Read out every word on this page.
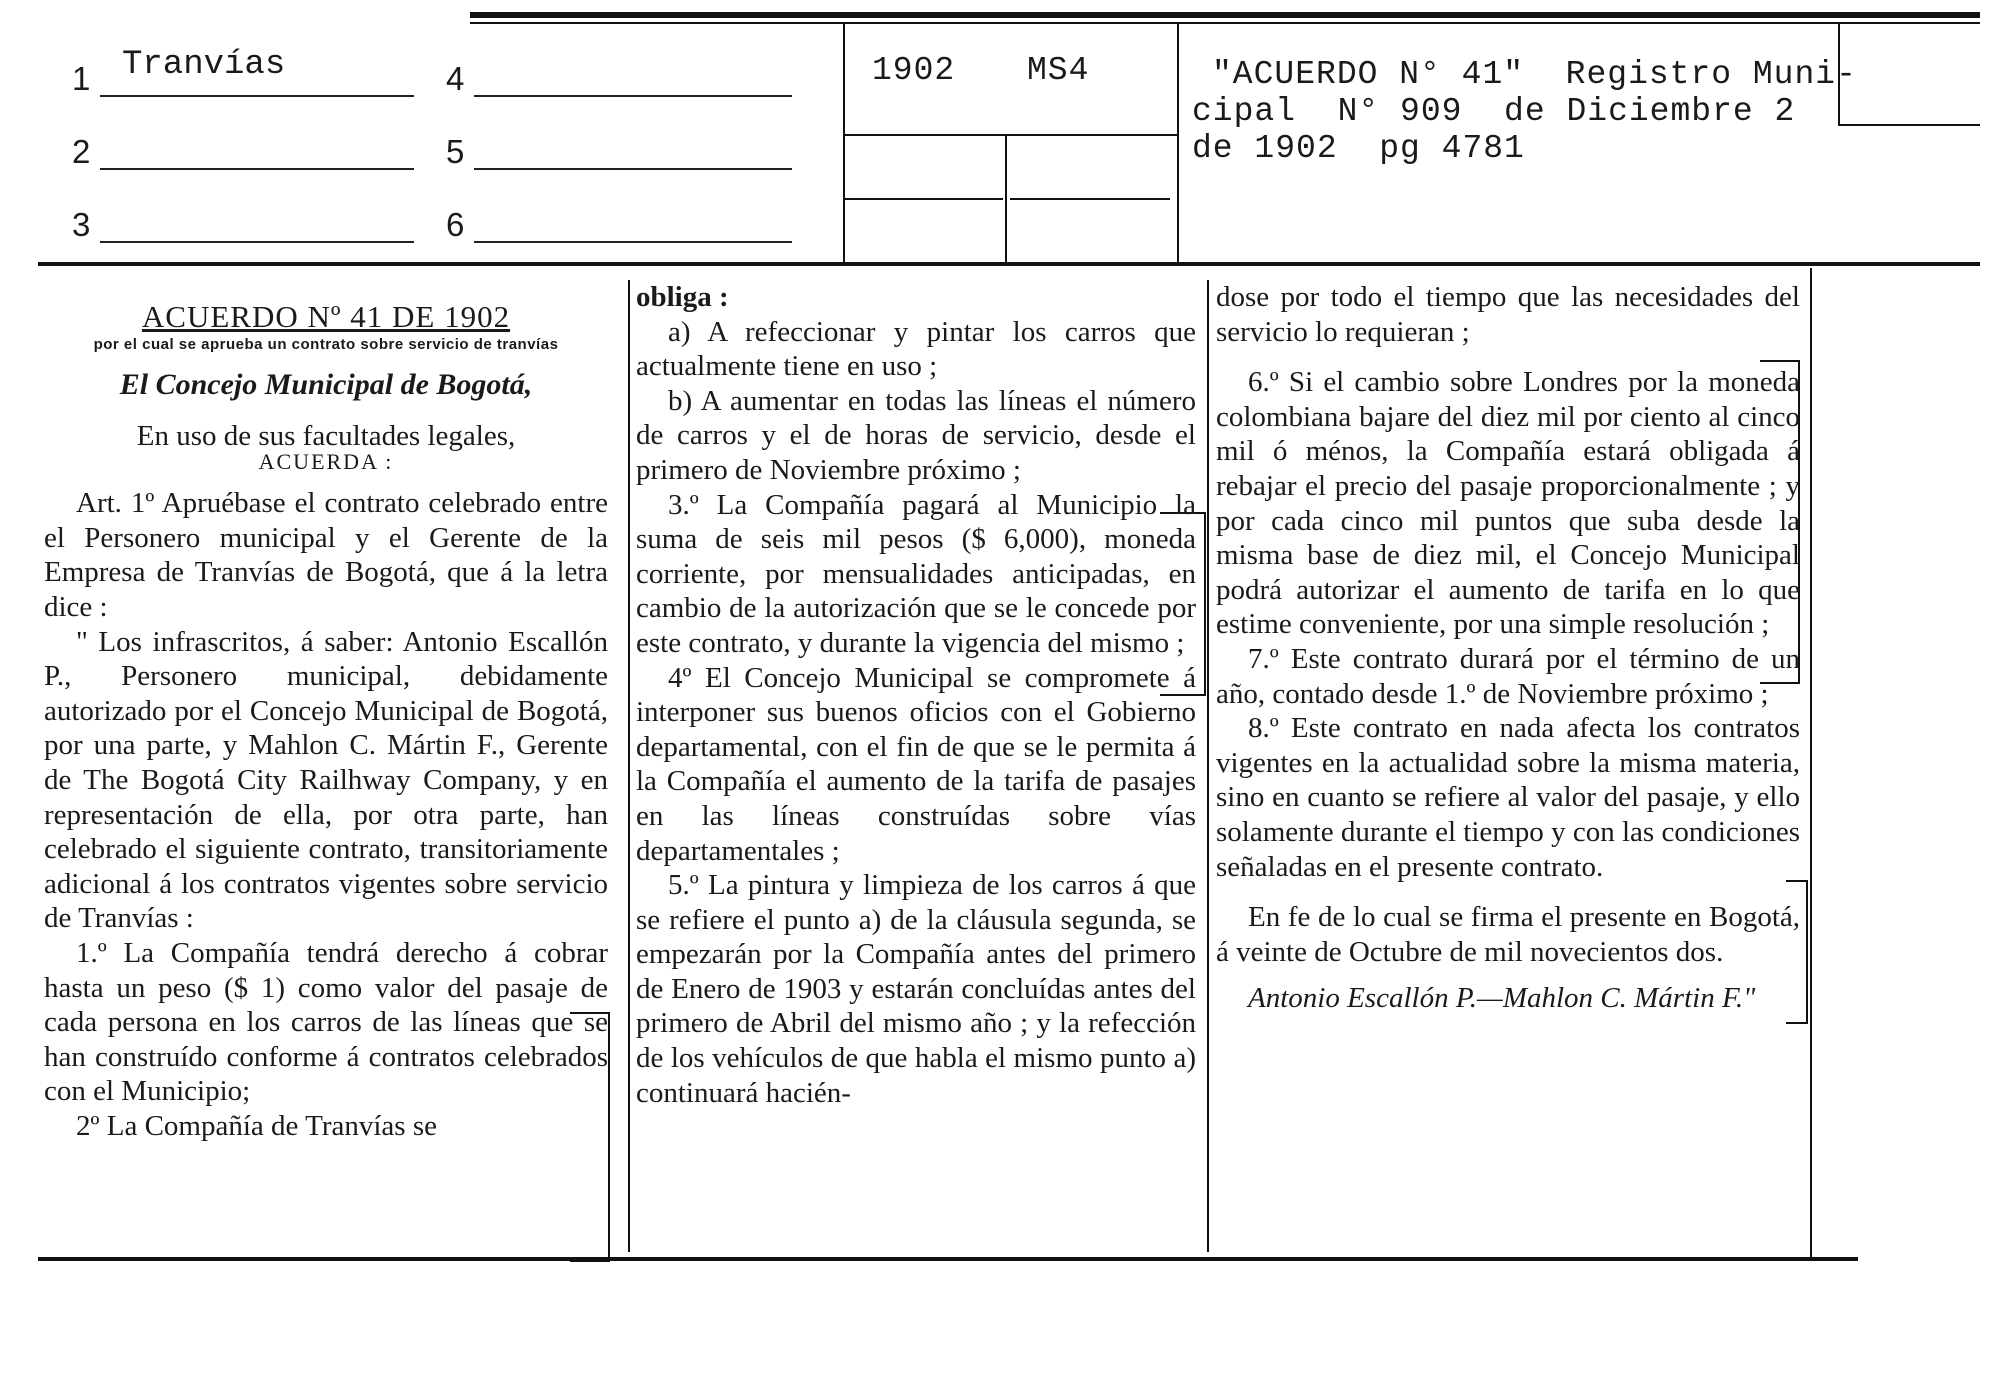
1 Tranvías
2
3
4
5
6
1902 MS4	"ACUERDO N° 41"  Registro Muni-
cipal  N° 909  de Diciembre 2
de 1902  pg 4781

ACUERDO Nº 41 DE 1902

por el cual se aprueba un contrato sobre servicio de tranvías

El Concejo Municipal de Bogotá,

En uso de sus facultades legales,

ACUERDA :

Art. 1º Apruébase el contrato celebrado entre el Personero municipal y el Gerente de la Empresa de Tranvías de Bogotá, que á la letra dice :

" Los infrascritos, á saber: Antonio Escallón P., Personero municipal, debidamente autorizado por el Concejo Municipal de Bogotá, por una parte, y Mahlon C. Mártin F., Gerente de The Bogotá City Railhway Company, y en representación de ella, por otra parte, han celebrado el siguiente contrato, transitoriamente adicional á los contratos vigentes sobre servicio de Tranvías :

1.º La Compañía tendrá derecho á cobrar hasta un peso ($ 1) como valor del pasaje de cada persona en los carros de las líneas que se han construído conforme á contratos celebrados con el Municipio;

2º La Compañía de Tranvías se

obliga :

a) A refeccionar y pintar los carros que actualmente tiene en uso ;

b) A aumentar en todas las líneas el número de carros y el de horas de servicio, desde el primero de Noviembre próximo ;

3.º La Compañía pagará al Municipio la suma de seis mil pesos ($ 6,000), moneda corriente, por mensualidades anticipadas, en cambio de la autorización que se le concede por este contrato, y durante la vigencia del mismo ;

4º El Concejo Municipal se compromete á interponer sus buenos oficios con el Gobierno departamental, con el fin de que se le permita á la Compañía el aumento de la tarifa de pasajes en las líneas construídas sobre vías departamentales ;

5.º La pintura y limpieza de los carros á que se refiere el punto a) de la cláusula segunda, se empezarán por la Compañía antes del primero de Enero de 1903 y estarán concluídas antes del primero de Abril del mismo año ; y la refección de los vehículos de que habla el mismo punto a) continuará hacién-

dose por todo el tiempo que las necesidades del servicio lo requieran ;

6.º Si el cambio sobre Londres por la moneda colombiana bajare del diez mil por ciento al cinco mil ó ménos, la Compañía estará obligada á rebajar el precio del pasaje proporcionalmente ; y por cada cinco mil puntos que suba desde la misma base de diez mil, el Concejo Municipal podrá autorizar el aumento de tarifa en lo que estime conveniente, por una simple resolución ;

7.º Este contrato durará por el término de un año, contado desde 1.º de Noviembre próximo ;

8.º Este contrato en nada afecta los contratos vigentes en la actualidad sobre la misma materia, sino en cuanto se refiere al valor del pasaje, y ello solamente durante el tiempo y con las condiciones señaladas en el presente contrato.

En fe de lo cual se firma el presente en Bogotá, á veinte de Octubre de mil novecientos dos.

Antonio Escallón P.—Mahlon C. Mártin F."
